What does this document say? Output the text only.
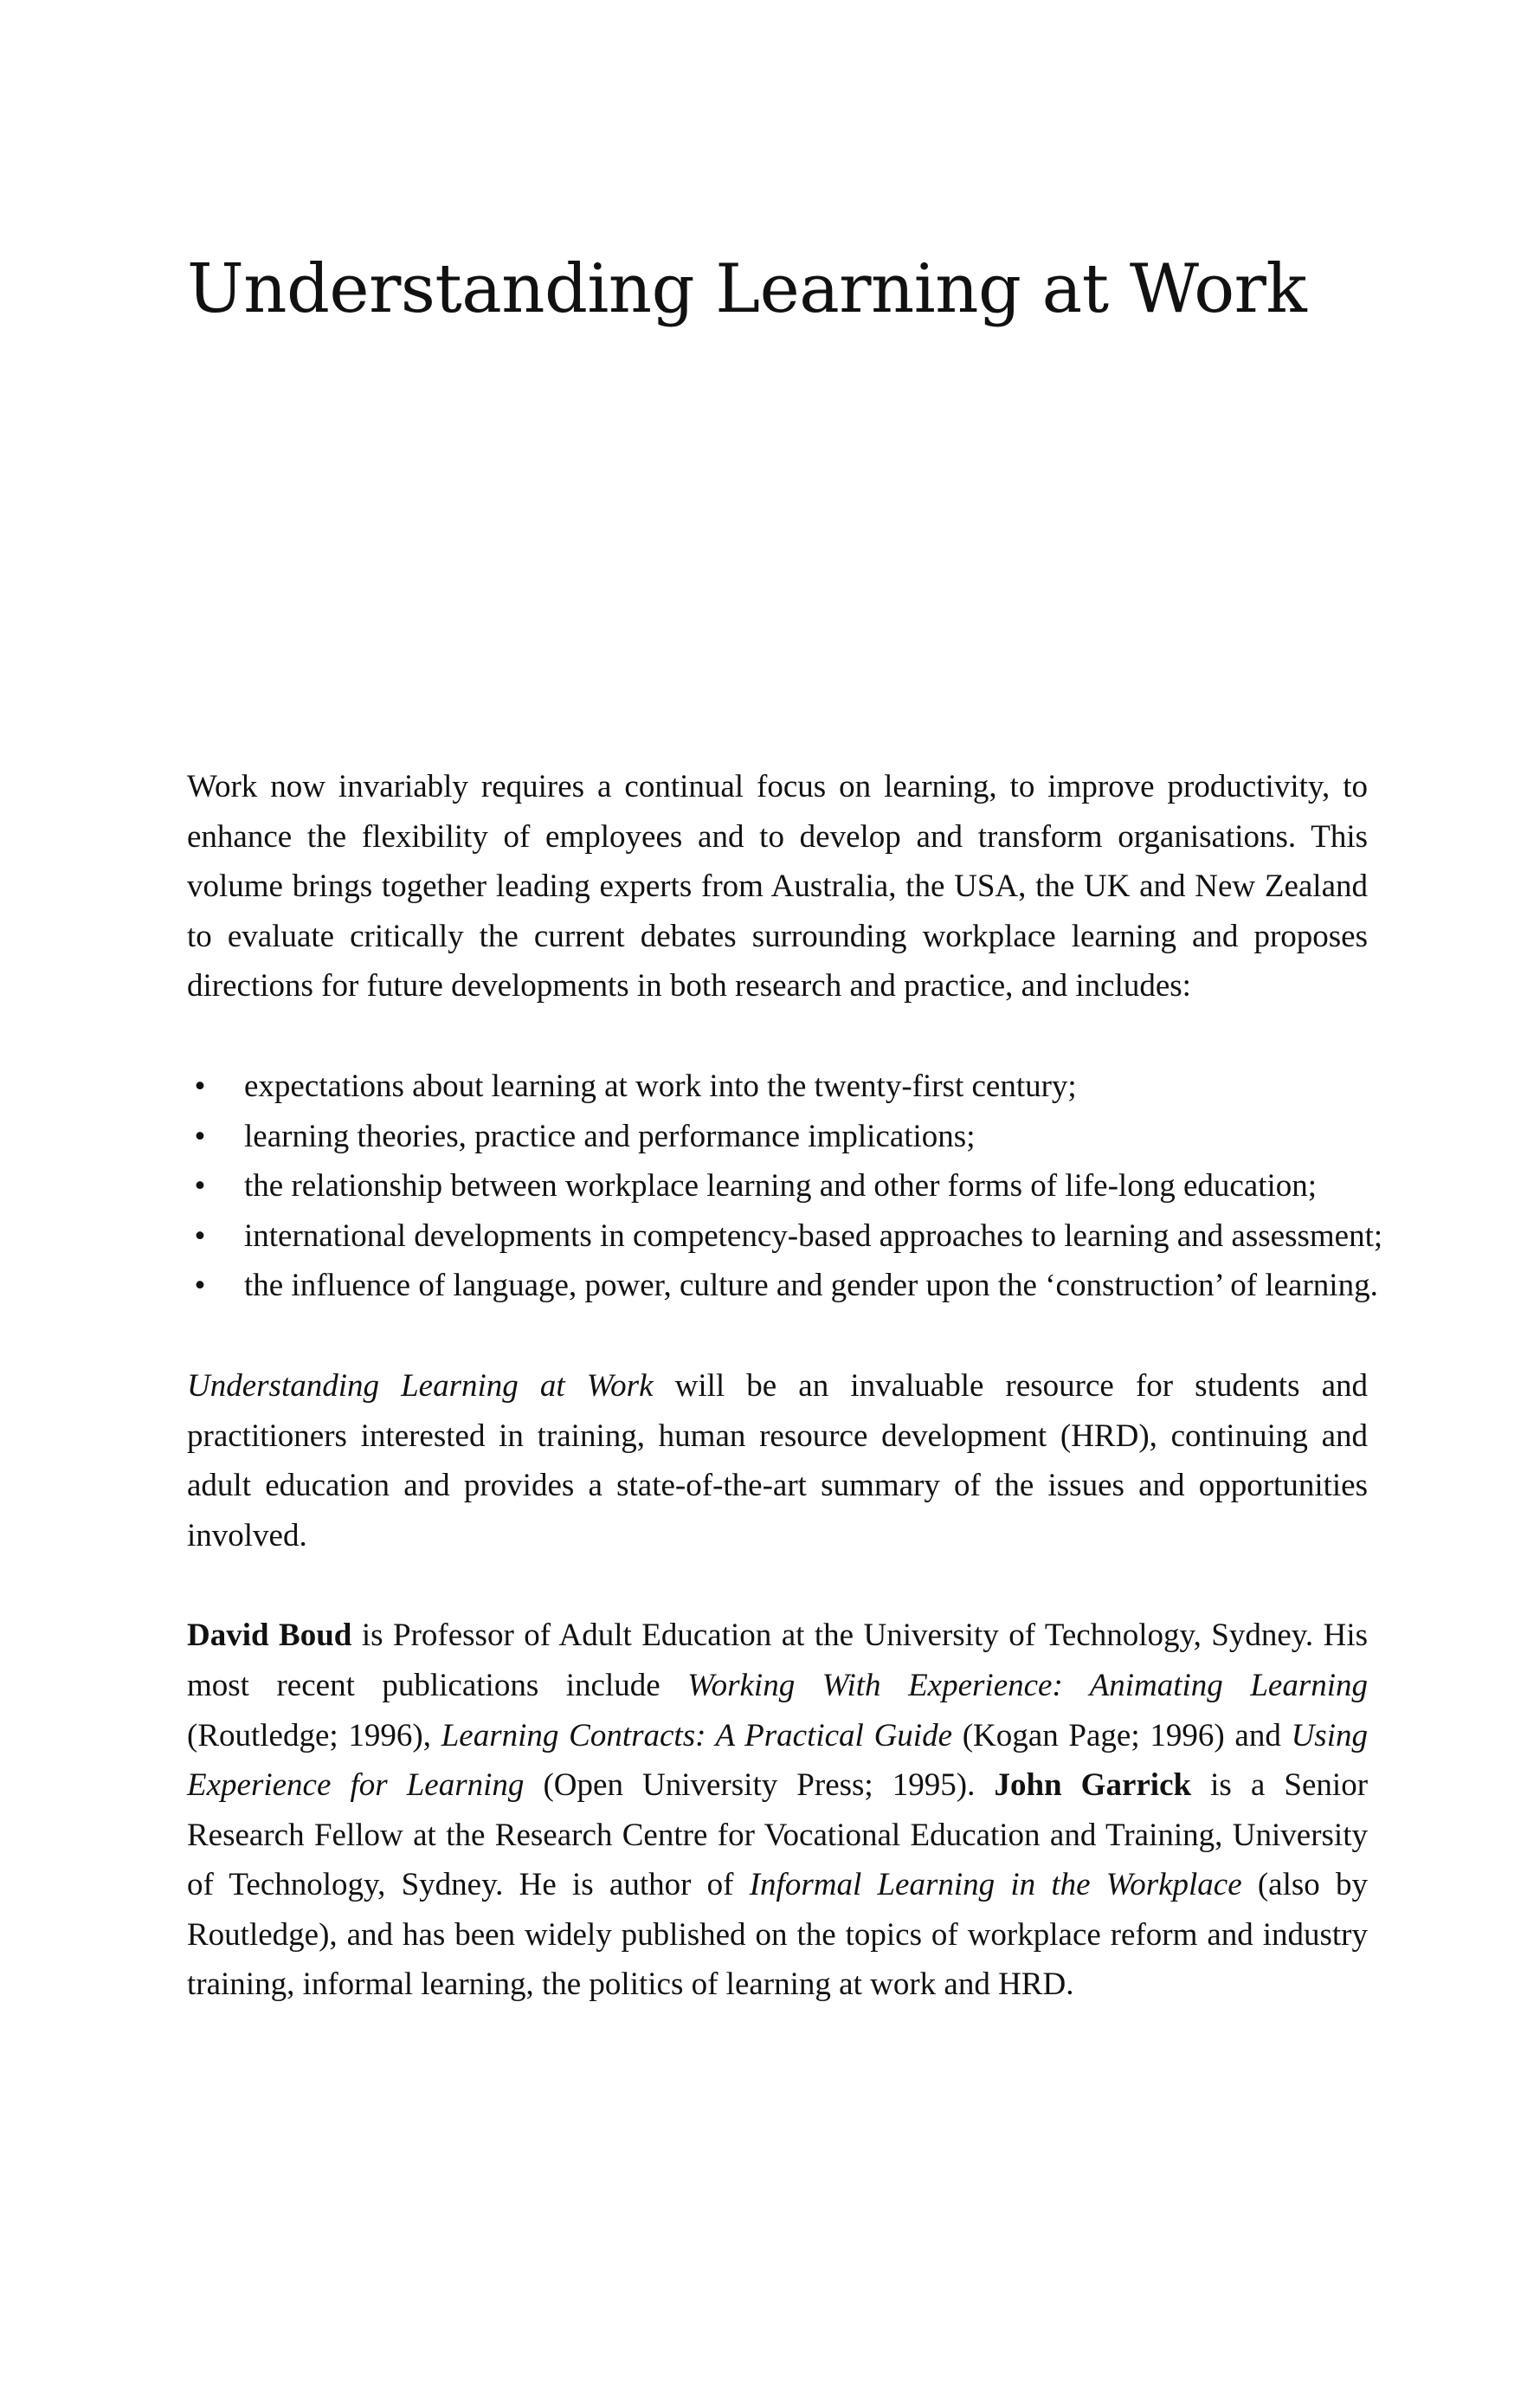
Understanding Learning at Work

Work now invariably requires a continual focus on learning, to improve productivity, to enhance the flexibility of employees and to develop and transform organisations. This volume brings together leading experts from Australia, the USA, the UK and New Zealand to evaluate critically the current debates surrounding workplace learning and proposes directions for future developments in both research and practice, and includes:

• expectations about learning at work into the twenty-first century;
• learning theories, practice and performance implications;
• the relationship between workplace learning and other forms of life-long education;
• international developments in competency-based approaches to learning and assessment;
• the influence of language, power, culture and gender upon the ‘construction’ of learning.

Understanding Learning at Work will be an invaluable resource for students and practitioners interested in training, human resource development (HRD), continuing and adult education and provides a state-of-the-art summary of the issues and opportunities involved.

David Boud is Professor of Adult Education at the University of Technology, Sydney. His most recent publications include Working With Experience: Animating Learning (Routledge; 1996), Learning Contracts: A Practical Guide (Kogan Page; 1996) and Using Experience for Learning (Open University Press; 1995). John Garrick is a Senior Research Fellow at the Research Centre for Vocational Education and Training, University of Technology, Sydney. He is author of Informal Learning in the Workplace (also by Routledge), and has been widely published on the topics of workplace reform and industry training, informal learning, the politics of learning at work and HRD.
